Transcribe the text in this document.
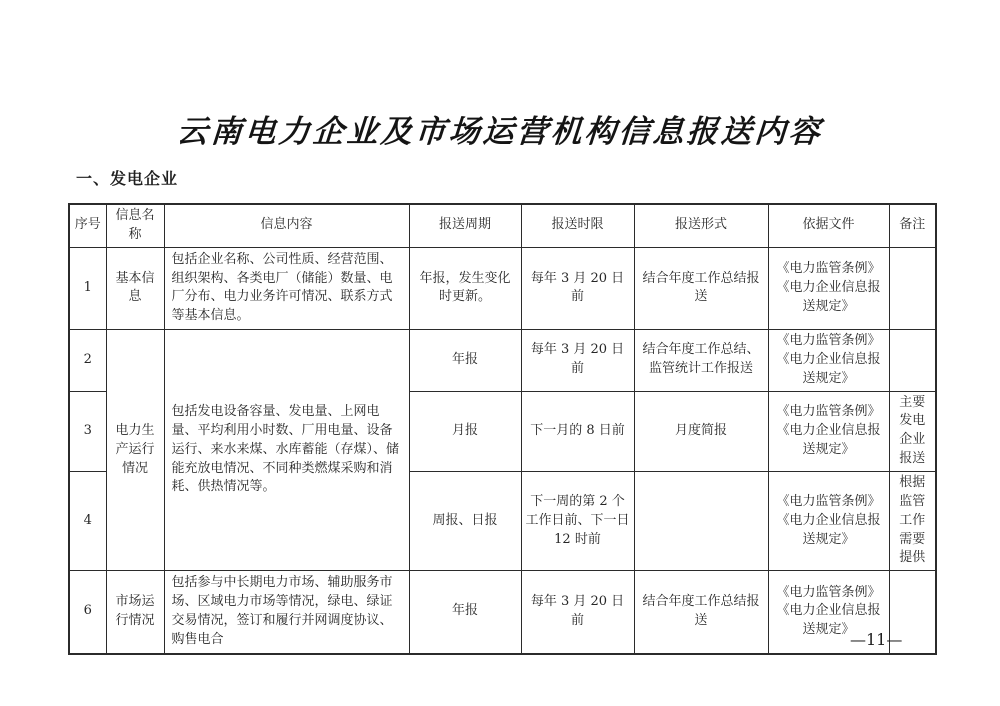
云南电力企业及市场运营机构信息报送内容
一、发电企业
序号	信息名称	信息内容	报送周期	报送时限	报送形式	依据文件	备注
1	基本信息	包括企业名称、公司性质、经营范围、组织架构、各类电厂（储能）数量、电厂分布、电力业务许可情况、联系方式等基本信息。	年报，发生变化时更新。	每年 3 月 20 日前	结合年度工作总结报送	《电力监管条例》《电力企业信息报送规定》	
2	电力生产运行情况	包括发电设备容量、发电量、上网电量、平均利用小时数、厂用电量、设备运行、来水来煤、水库蓄能（存煤）、储能充放电情况、不同种类燃煤采购和消耗、供热情况等。	年报	每年 3 月 20 日前	结合年度工作总结、监管统计工作报送	《电力监管条例》《电力企业信息报送规定》	
3			月报	下一月的 8 日前	月度简报	《电力监管条例》《电力企业信息报送规定》	主要发电企业报送
4			周报、日报	下一周的第 2 个工作日前、下一日 12 时前		《电力监管条例》《电力企业信息报送规定》	根据监管工作需要提供
6	市场运行情况	包括参与中长期电力市场、辅助服务市场、区域电力市场等情况，绿电、绿证交易情况，签订和履行并网调度协议、购售电合	年报	每年 3 月 20 日前	结合年度工作总结报送	《电力监管条例》《电力企业信息报送规定》	
—11—
